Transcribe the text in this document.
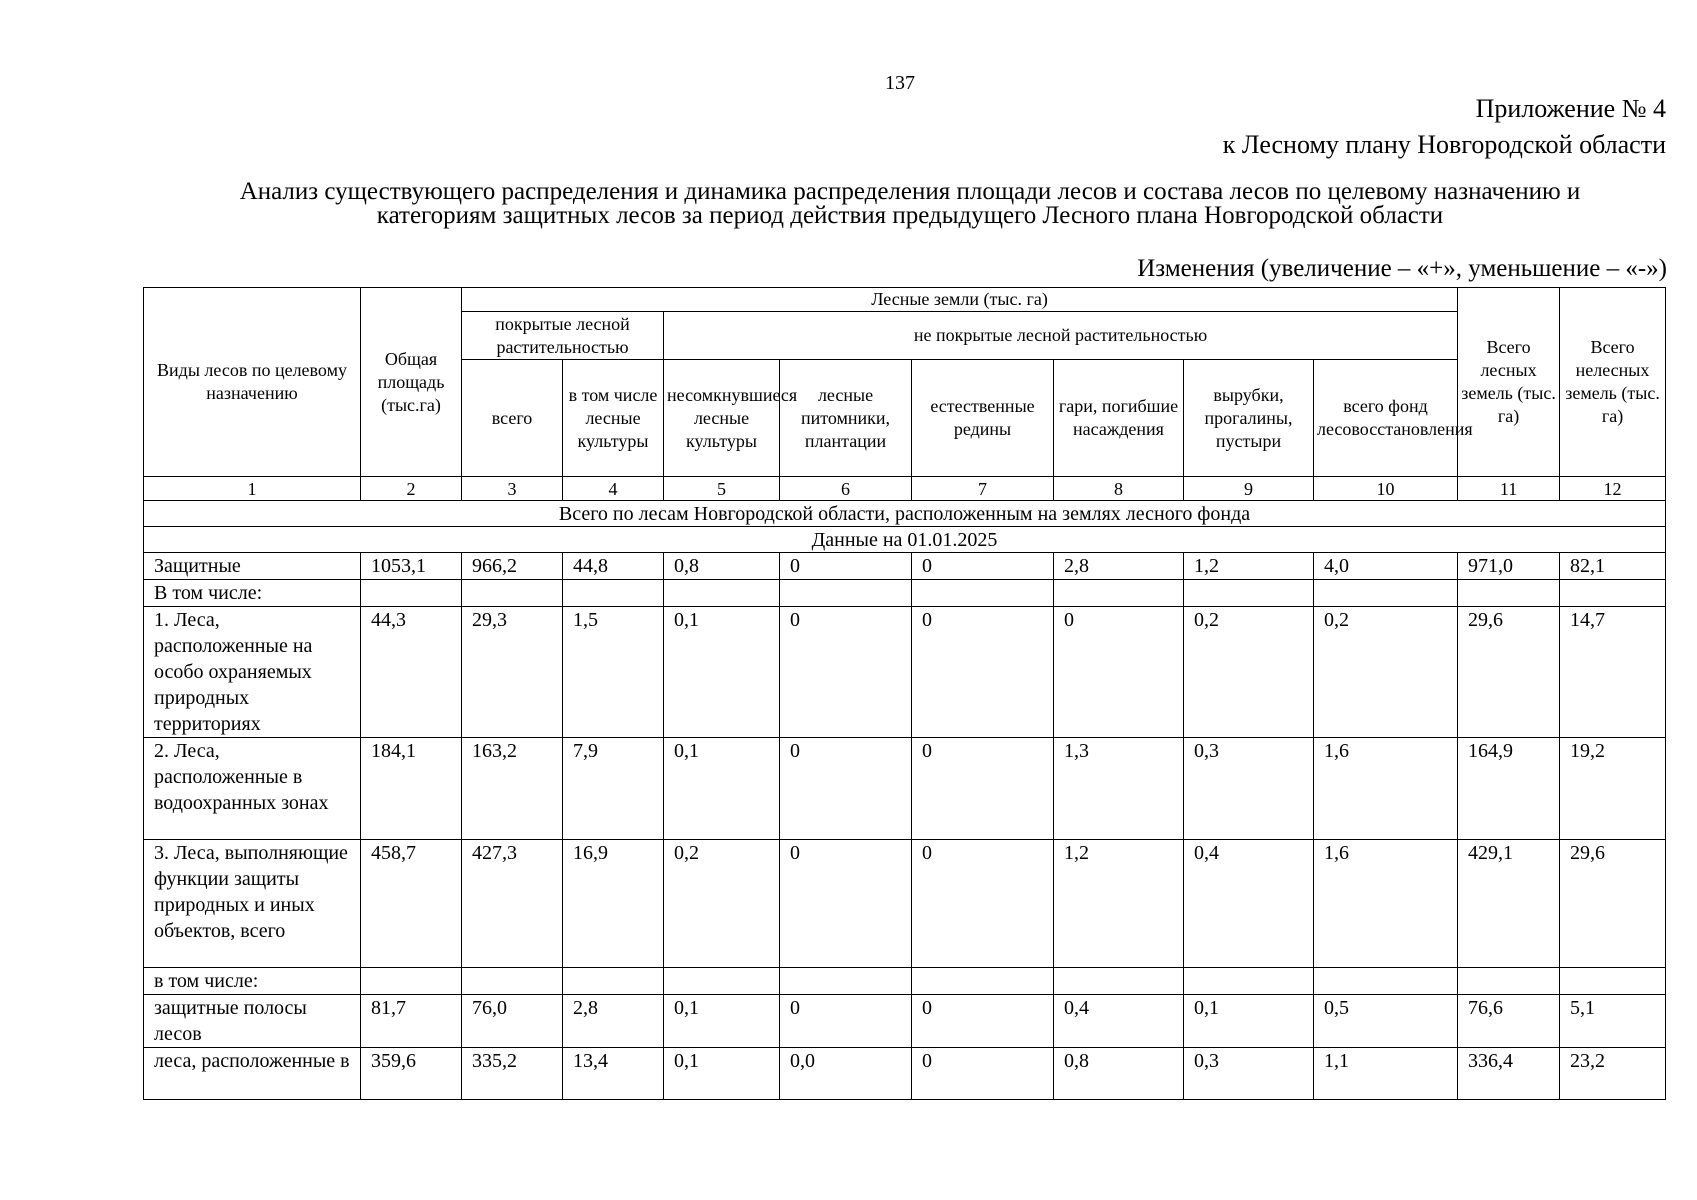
137
Приложение № 4
к Лесному плану Новгородской области
Анализ существующего распределения и динамика распределения площади лесов и состава лесов по целевому назначению и категориям защитных лесов за период действия предыдущего Лесного плана Новгородской области
Изменения (увеличение – «+», уменьшение – «-»)
Виды лесов по целевому назначению	Общая площадь (тыс.га)	Лесные земли (тыс. га)								Всего лесных земель (тыс. га)	Всего нелесных земель (тыс. га)
		покрытые лесной растительностью		не покрытые лесной растительностью							
		всего	в том числе лесные культуры	несомкнувшиеся лесные культуры	лесные питомники, плантации	естественные редины	гари, погибшие насаждения	вырубки, прогалины, пустыри	всего фонд лесовосстановления		
1	2	3	4	5	6	7	8	9	10	11	12
Всего по лесам Новгородской области, расположенным на землях лесного фонда											
Данные на 01.01.2025											
Защитные	1053,1	966,2	44,8	0,8	0	0	2,8	1,2	4,0	971,0	82,1
В том числе:											
1. Леса, расположенные на особо охраняемых природных территориях	44,3	29,3	1,5	0,1	0	0	0	0,2	0,2	29,6	14,7
2. Леса, расположенные в водоохранных зонах	184,1	163,2	7,9	0,1	0	0	1,3	0,3	1,6	164,9	19,2
3. Леса, выполняющие функции защиты природных и иных объектов, всего	458,7	427,3	16,9	0,2	0	0	1,2	0,4	1,6	429,1	29,6
в том числе:											
защитные полосы лесов	81,7	76,0	2,8	0,1	0	0	0,4	0,1	0,5	76,6	5,1
леса, расположенные в	359,6	335,2	13,4	0,1	0,0	0	0,8	0,3	1,1	336,4	23,2
